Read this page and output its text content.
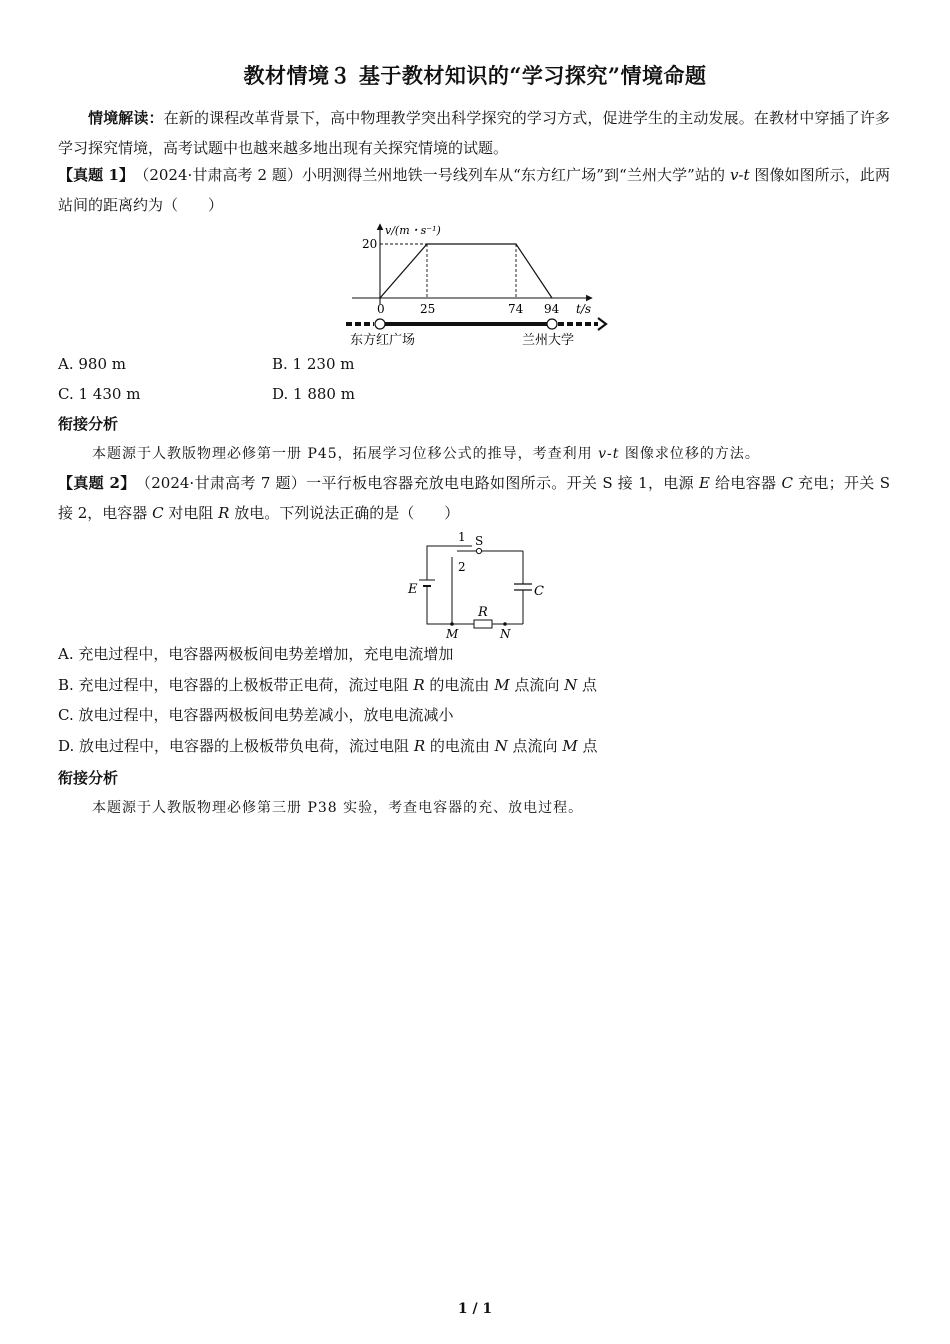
教材情境３ 基于教材知识的“学习探究”情境命题
情境解读：在新的课程改革背景下，高中物理教学突出科学探究的学习方式，促进学生的主动发展。在教材中穿插了许多学习探究情境，高考试题中也越来越多地出现有关探究情境的试题。
【真题 1】　 （2024·甘肃高考 2 题）小明测得兰州地铁一号线列车从“东方红广场”到“兰州大学”站的 v-t 图像如图所示，此两站间的距离约为（　　）
v/(m・s⁻¹)
20
0	25	74 94 t/s
东方红广场	兰州大学
A. 980 m	B. 1 230 m
C. 1 430 m	D. 1 880 m
衔接分析
本题源于人教版物理必修第一册 P45，拓展学习位移公式的推导，考查利用 v-t 图像求位移的方法。
【真题 2】　 （2024·甘肃高考 7 题）一平行板电容器充放电电路如图所示。开关 S 接 1，电源 E 给电容器 C 充电；开关 S 接 2，电容器 C 对电阻 R 放电。下列说法正确的是（　　）
E
S
1
2
C
R
M	N
A. 充电过程中，电容器两极板间电势差增加，充电电流增加
B. 充电过程中，电容器的上极板带正电荷，流过电阻 R 的电流由 M 点流向 N 点
C. 放电过程中，电容器两极板间电势差减小，放电电流减小
D. 放电过程中，电容器的上极板带负电荷，流过电阻 R 的电流由 N 点流向 M 点
衔接分析
本题源于人教版物理必修第三册 P38 实验，考查电容器的充、放电过程。
1 / 1
